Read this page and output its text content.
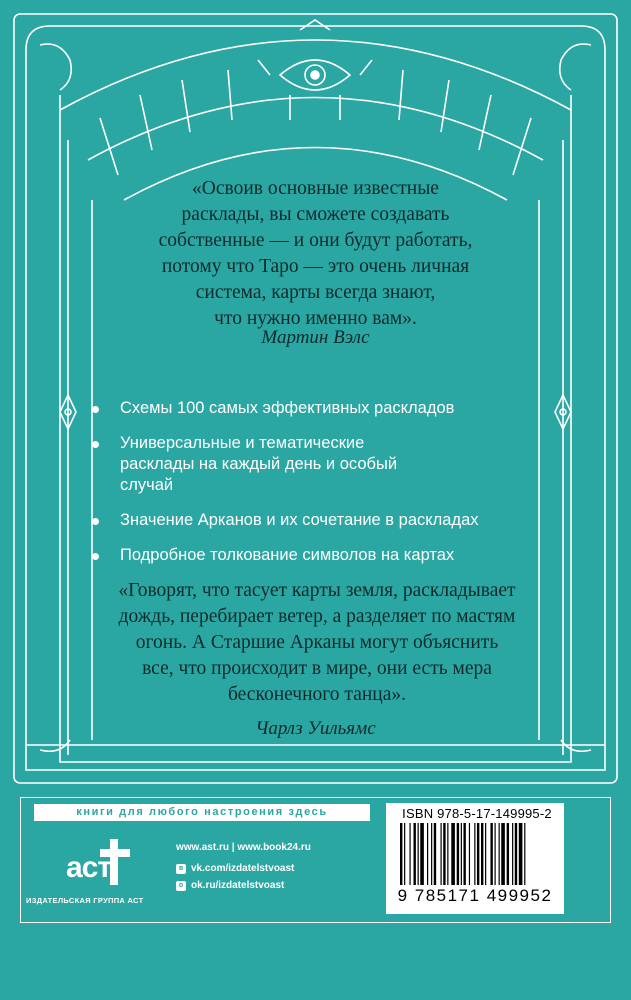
«Освоив основные известные
расклады, вы сможете создавать
собственные — и они будут работать,
потому что Таро — это очень личная
система, карты всегда знают,
что нужно именно вам».
Мартин Вэлс
Схемы 100 самых эффективных раскладов
Универсальные и тематические расклады на каждый день и особый случай
Значение Арканов и их сочетание в раскладах
Подробное толкование символов на картах
«Говорят, что тасует карты земля, раскладывает
дождь, перебирает ветер, а разделяет по мастям
огонь. А Старшие Арканы могут объяснить
все, что происходит в мире, они есть мера
бесконечного танца».
Чарлз Уильямс
книги для любого настроения здесь
аст
ИЗДАТЕЛЬСКАЯ ГРУППА АСТ
www.ast.ru | www.book24.ru
в vk.com/izdatelstvoast
о ok.ru/izdatelstvoast
ISBN 978-5-17-149995-2
9 785171 499952
